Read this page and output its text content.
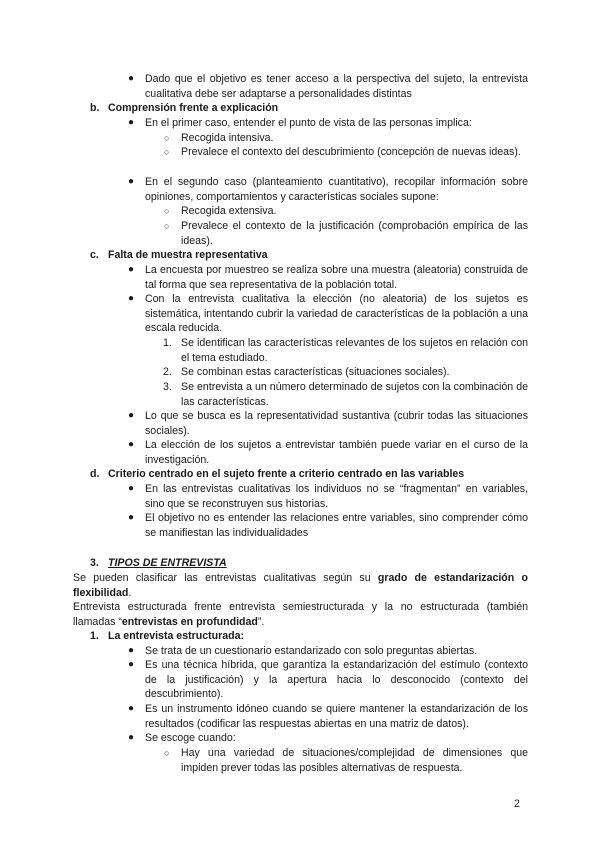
● Dado que el objetivo es tener acceso a la perspectiva del sujeto, la entrevista cualitativa debe ser adaptarse a personalidades distintas
b. Comprensión frente a explicación
● En el primer caso, entender el punto de vista de las personas implica:
○ Recogida intensiva.
○ Prevalece el contexto del descubrimiento (concepción de nuevas ideas).
● En el segundo caso (planteamiento cuantitativo), recopilar información sobre opiniones, comportamientos y características sociales supone:
○ Recogida extensiva.
○ Prevalece el contexto de la justificación (comprobación empírica de las ideas).
c. Falta de muestra representativa
● La encuesta por muestreo se realiza sobre una muestra (aleatoria) construida de tal forma que sea representativa de la población total.
● Con la entrevista cualitativa la elección (no aleatoria) de los sujetos es sistemática, intentando cubrir la variedad de características de la población a una escala reducida.
1. Se identifican las características relevantes de los sujetos en relación con el tema estudiado.
2. Se combinan estas características (situaciones sociales).
3. Se entrevista a un número determinado de sujetos con la combinación de las características.
● Lo que se busca es la representatividad sustantiva (cubrir todas las situaciones sociales).
● La elección de los sujetos a entrevistar también puede variar en el curso de la investigación.
d. Criterio centrado en el sujeto frente a criterio centrado en las variables
● En las entrevistas cualitativas los individuos no se “fragmentan” en variables, sino que se reconstruyen sus historias.
● El objetivo no es entender las relaciones entre variables, sino comprender cómo se manifiestan las individualidades
3. TIPOS DE ENTREVISTA
Se pueden clasificar las entrevistas cualitativas según su grado de estandarización o flexibilidad.
Entrevista estructurada frente entrevista semiestructurada y la no estructurada (también llamadas “entrevistas en profundidad”.
1. La entrevista estructurada:
● Se trata de un cuestionario estandarizado con solo preguntas abiertas.
● Es una técnica híbrida, que garantiza la estandarización del estímulo (contexto de la justificación) y la apertura hacia lo desconocido (contexto del descubrimiento).
● Es un instrumento idóneo cuando se quiere mantener la estandarización de los resultados (codificar las respuestas abiertas en una matriz de datos).
● Se escoge cuando:
○ Hay una variedad de situaciones/complejidad de dimensiones que impiden prever todas las posibles alternativas de respuesta.
2
